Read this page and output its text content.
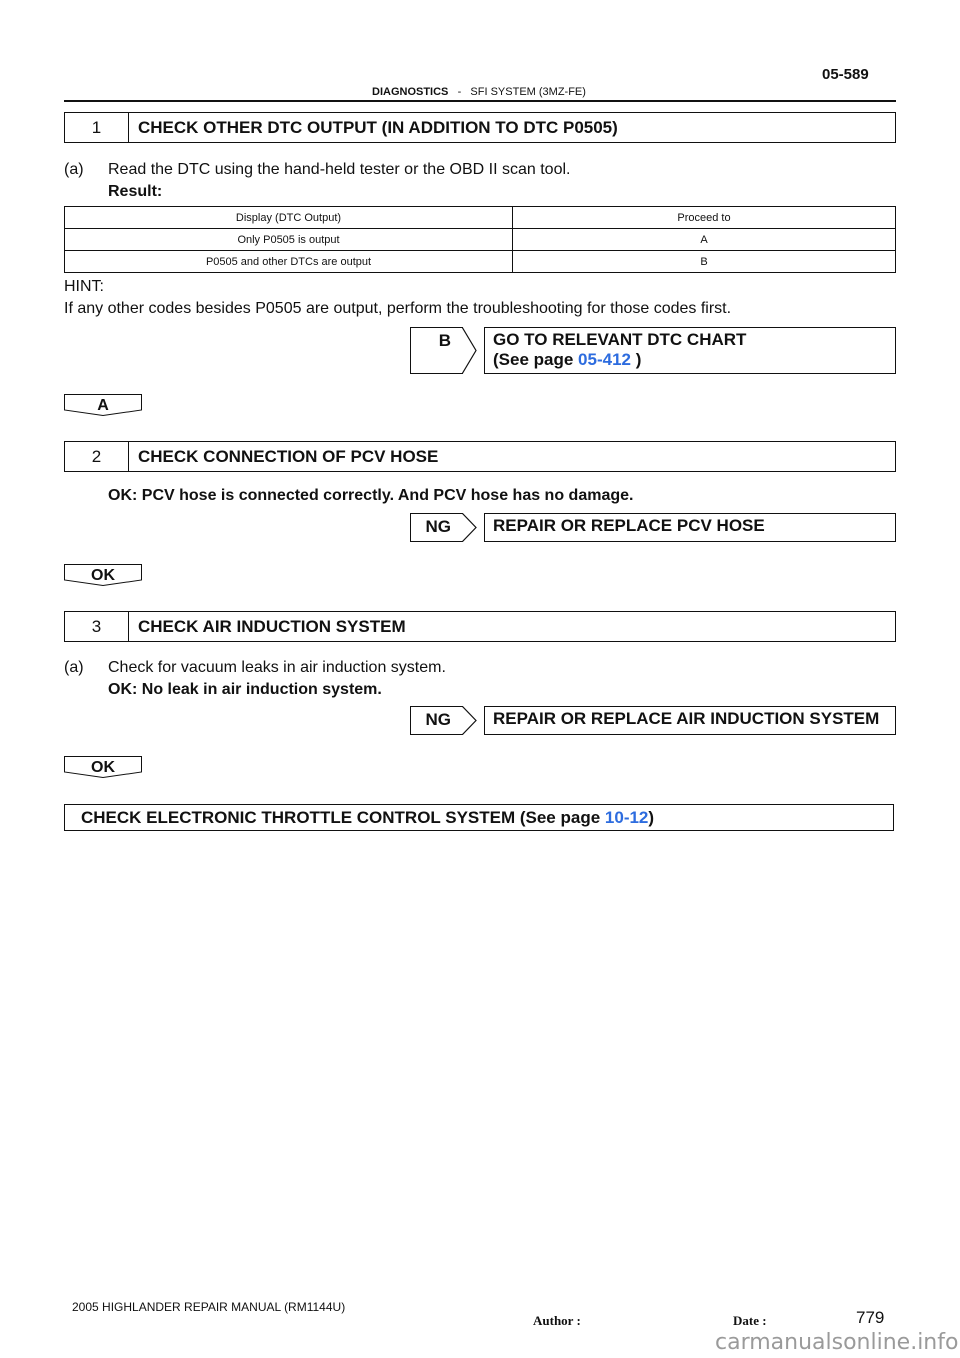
05-589
DIAGNOSTICS - SFI SYSTEM (3MZ-FE)
1	CHECK OTHER DTC OUTPUT (IN ADDITION TO DTC P0505)
(a) Read the DTC using the hand-held tester or the OBD II scan tool.
Result:
Display (DTC Output)	Proceed to
Only P0505 is output	A
P0505 and other DTCs are output	B
HINT:
If any other codes besides P0505 are output, perform the troubleshooting for those codes first.
B GO TO RELEVANT DTC CHART
(See page 05-412 )
A
2	CHECK CONNECTION OF PCV HOSE
OK: PCV hose is connected correctly. And PCV hose has no damage.
NG	REPAIR OR REPLACE PCV HOSE
OK
3	CHECK AIR INDUCTION SYSTEM
(a) Check for vacuum leaks in air induction system.
OK: No leak in air induction system.
NG	REPAIR OR REPLACE AIR INDUCTION SYSTEM
OK
CHECK ELECTRONIC THROTTLE CONTROL SYSTEM (See page
10-12 )
2005 HIGHLANDER REPAIR MANUAL (RM1144U)
Author :	Date :	779
carmanualsonline.info
